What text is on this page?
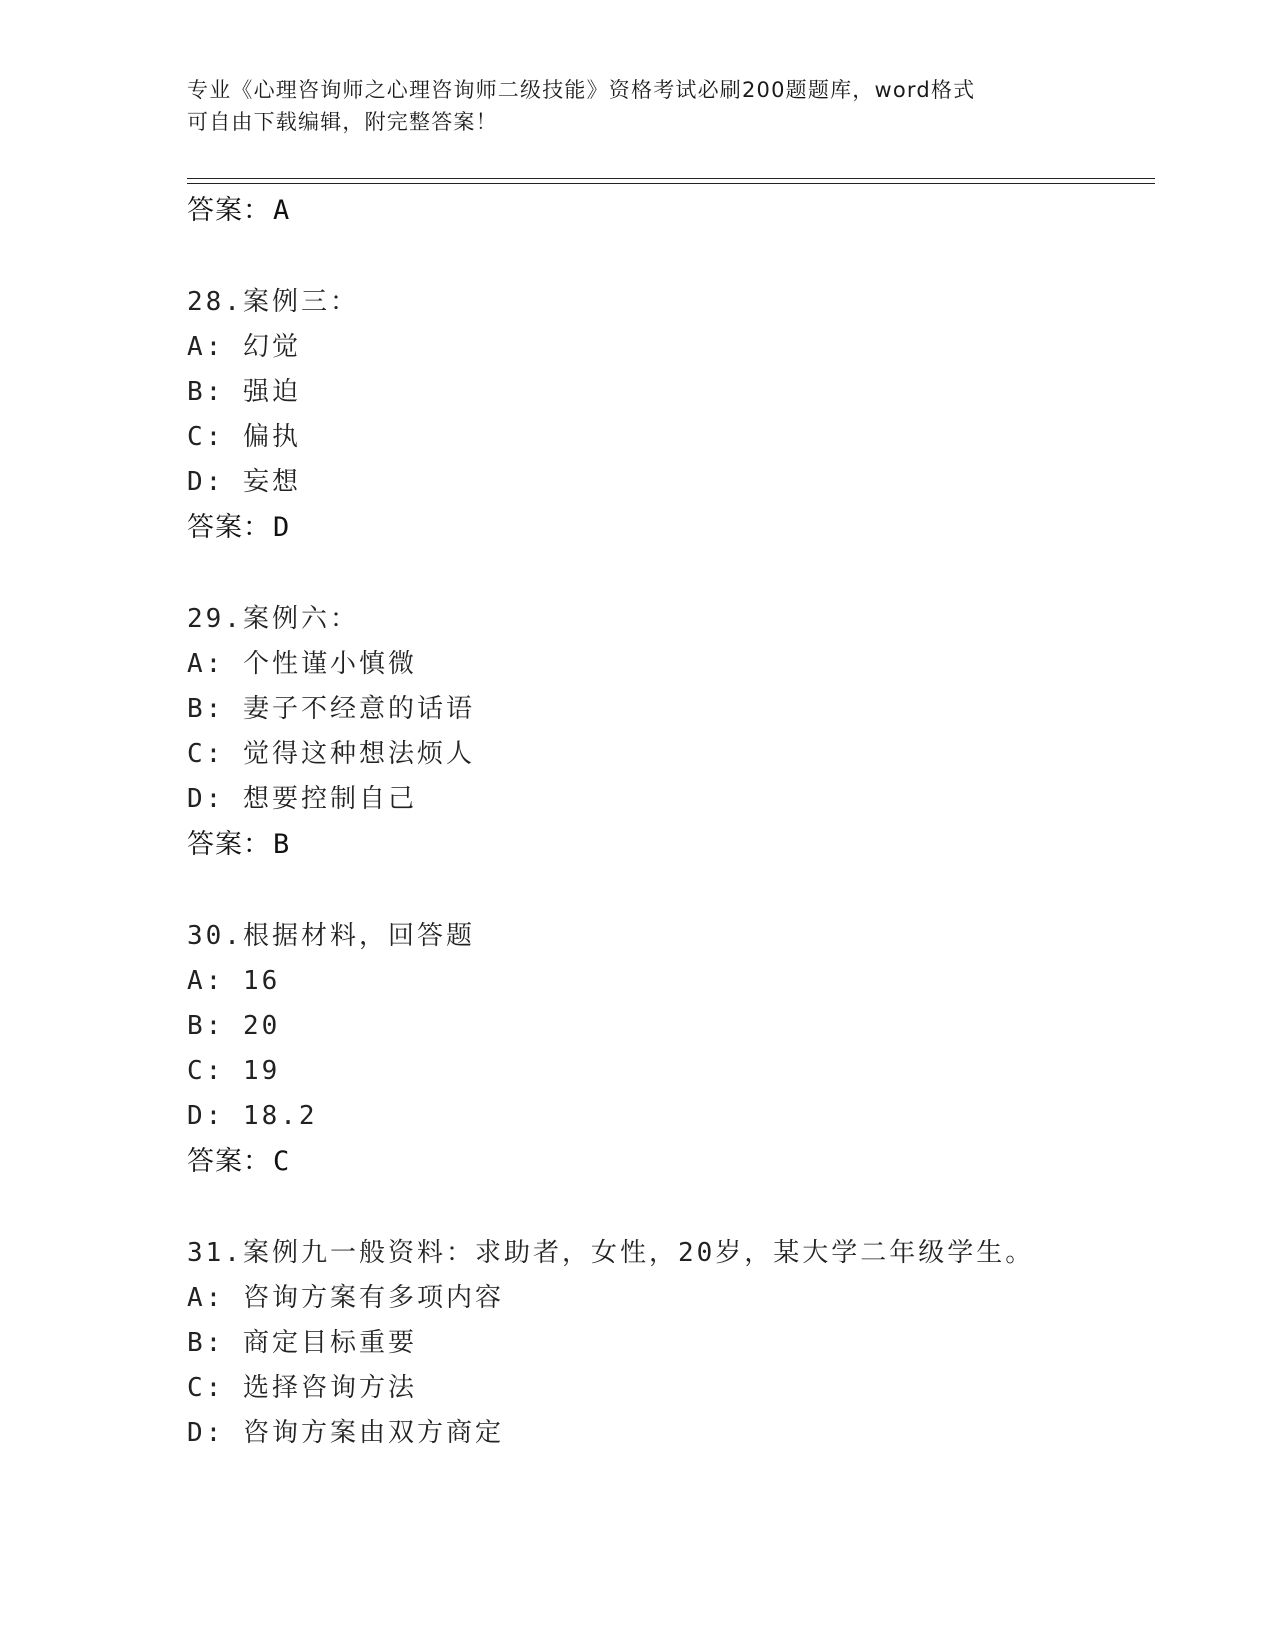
专业《心理咨询师之心理咨询师二级技能》资格考试必刷200题题库，word格式
可自由下载编辑，附完整答案！
答案：A
28.案例三：
A: 幻觉
B: 强迫
C: 偏执
D: 妄想
答案：D
29.案例六：
A: 个性谨小慎微
B: 妻子不经意的话语
C: 觉得这种想法烦人
D: 想要控制自己
答案：B
30.根据材料，回答题
A: 16
B: 20
C: 19
D: 18.2
答案：C
31.案例九一般资料：求助者，女性，20岁，某大学二年级学生。
A: 咨询方案有多项内容
B: 商定目标重要
C: 选择咨询方法
D: 咨询方案由双方商定
